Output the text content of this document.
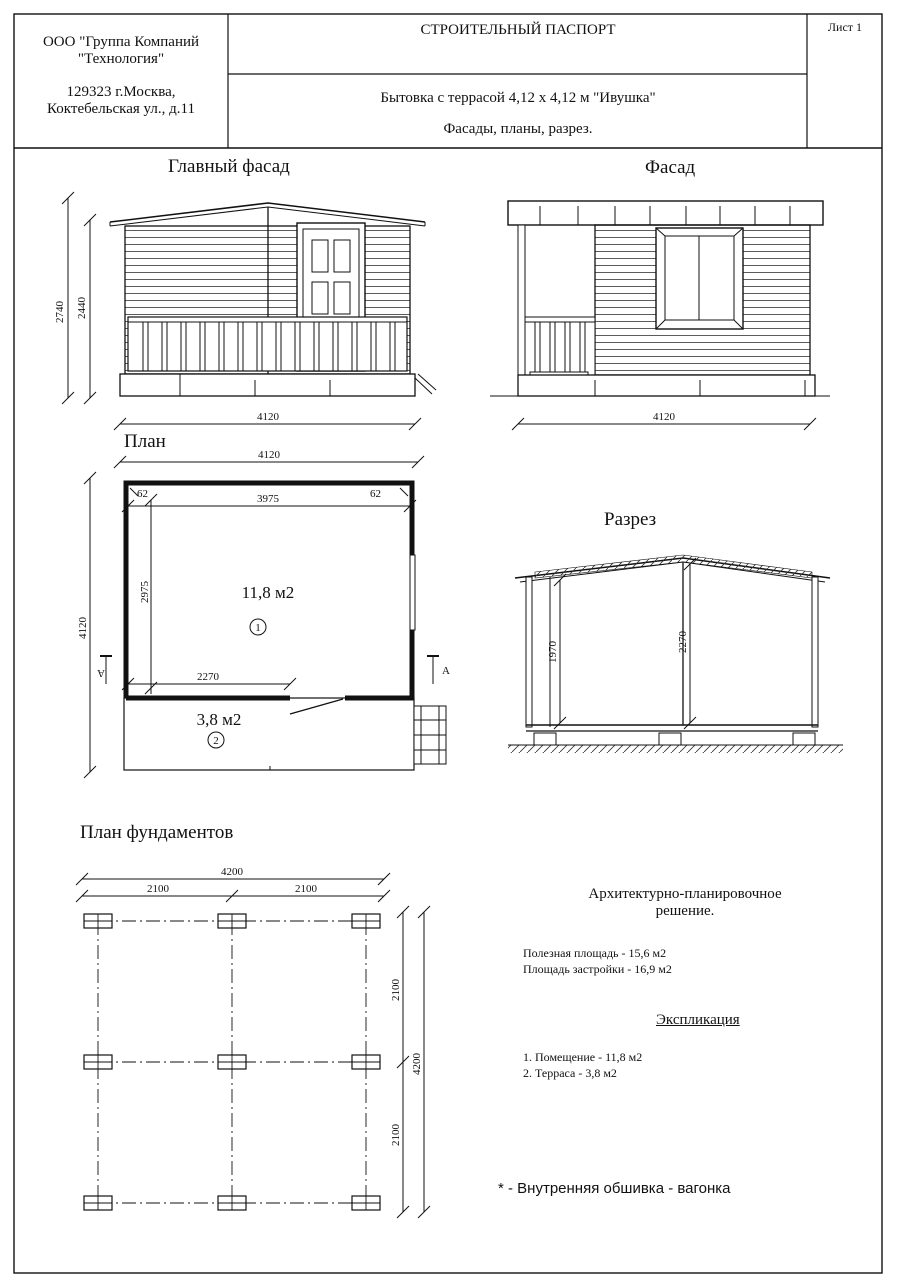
ООО "Группа Компаний
"Технология"
129323 г.Москва,
Коктебельская ул., д.11
СТРОИТЕЛЬНЫЙ ПАСПОРТ	Лист 1
Бытовка с террасой 4,12 х 4,12 м "Ивушка"
Фасады, планы, разрез.
Главный фасад	Фасад
План
Разрез
План фундаментов
Архитектурно-планировочное
решение.
Полезная площадь - 15,6 м2
Площадь застройки - 16,9 м2
Экспликация
1. Помещение - 11,8 м2
2. Терраса - 3,8 м2
* - Внутренняя обшивка - вагонка
2740 2440
4120	4120
4120
4120
3975
62	62
2975
2270
11,8 м2
1
3,8 м2
2
А	А
1970	2270
4200
2100	2100
4200
2100
2100
